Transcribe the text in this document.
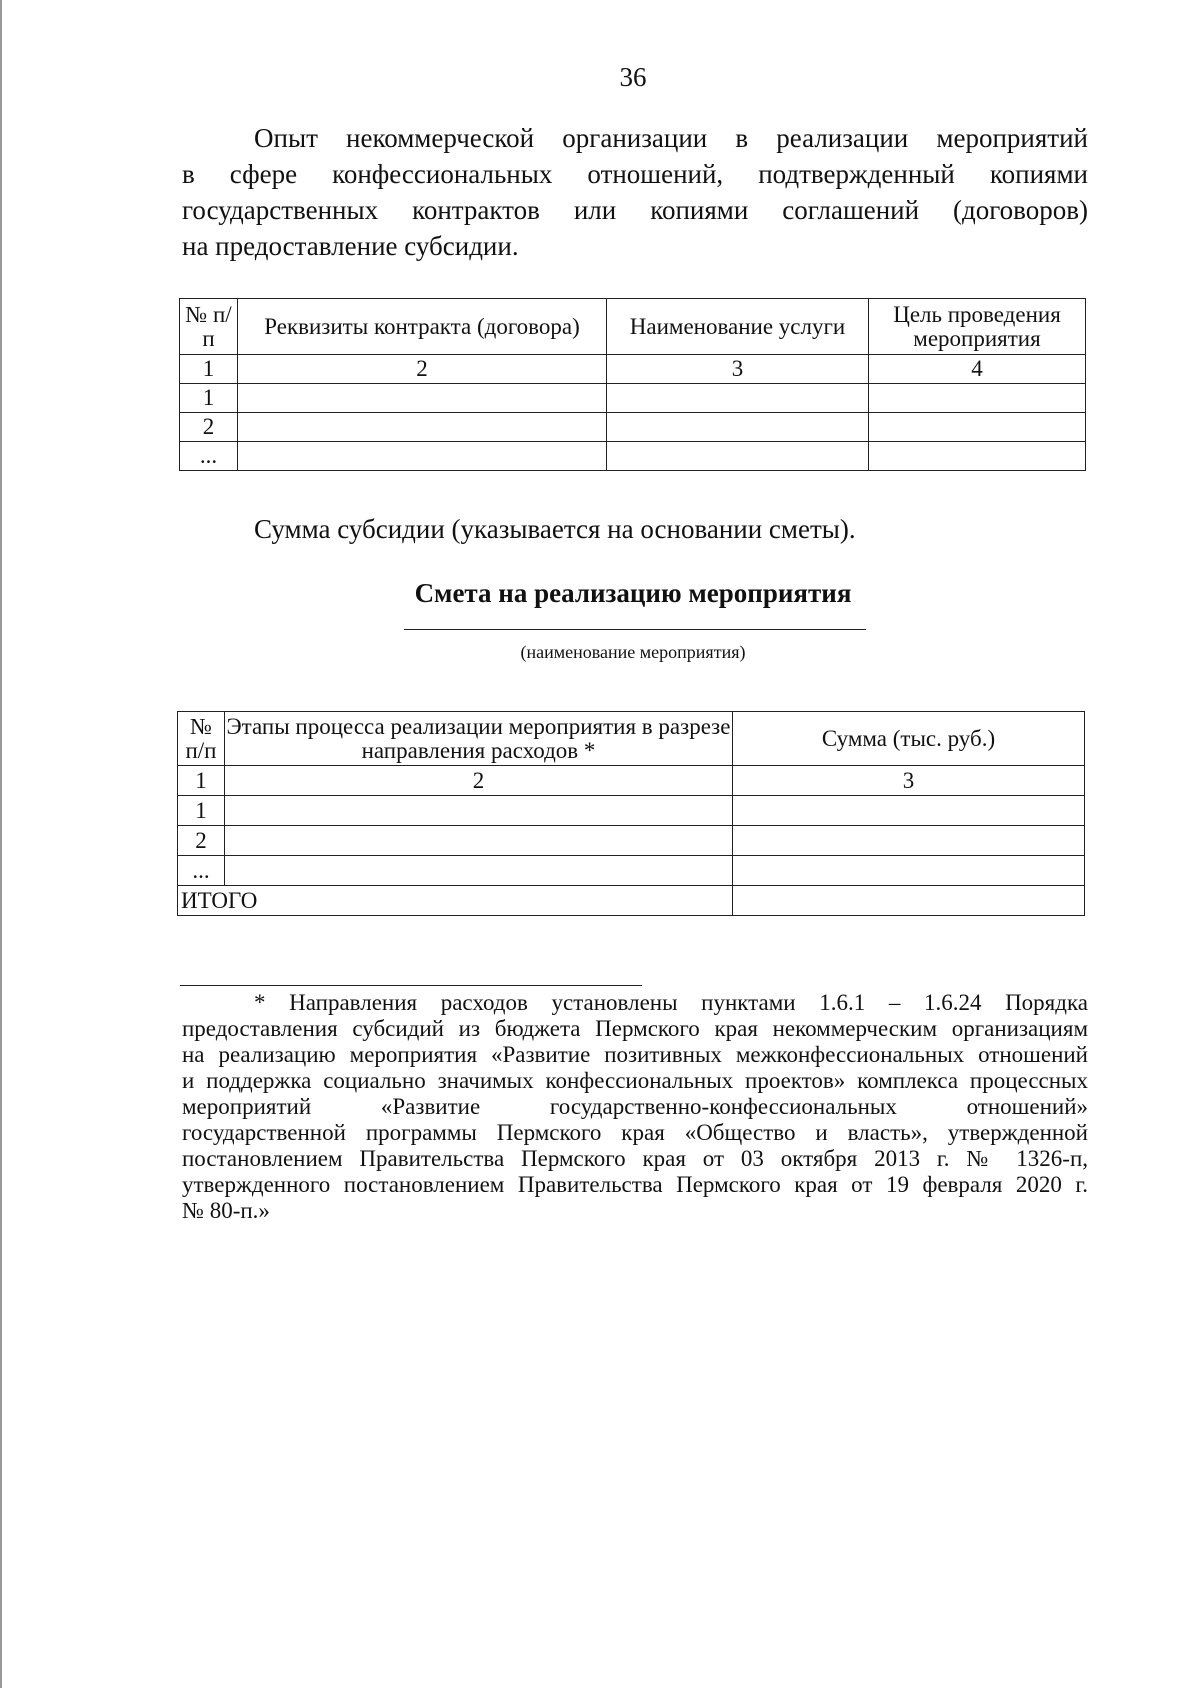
36

Опыт некоммерческой организации в реализации мероприятий
в сфере конфессиональных отношений, подтвержденный копиями
государственных контрактов или копиями соглашений (договоров)
на предоставление субсидии.

№ п/п	Реквизиты контракта (договора)	Наименование услуги	Цель проведения мероприятия
1	2	3	4
1			
2			
...			

Сумма субсидии (указывается на основании сметы).

Смета на реализацию мероприятия
(наименование мероприятия)
№ п/п	Этапы процесса реализации мероприятия в разрезе направления расходов *	Сумма (тыс. руб.)
1	2	3
1		
2		
...		
ИТОГО		

* Направления расходов установлены пунктами 1.6.1 – 1.6.24 Порядка
предоставления субсидий из бюджета Пермского края некоммерческим организациям
на реализацию мероприятия «Развитие позитивных межконфессиональных отношений
и поддержка социально значимых конфессиональных проектов» комплекса процессных
мероприятий «Развитие государственно-конфессиональных отношений»
государственной программы Пермского края «Общество и власть», утвержденной
постановлением Правительства Пермского края от 03 октября 2013 г. № 1326-п,
утвержденного постановлением Правительства Пермского края от 19 февраля 2020 г.
№ 80-п.»
